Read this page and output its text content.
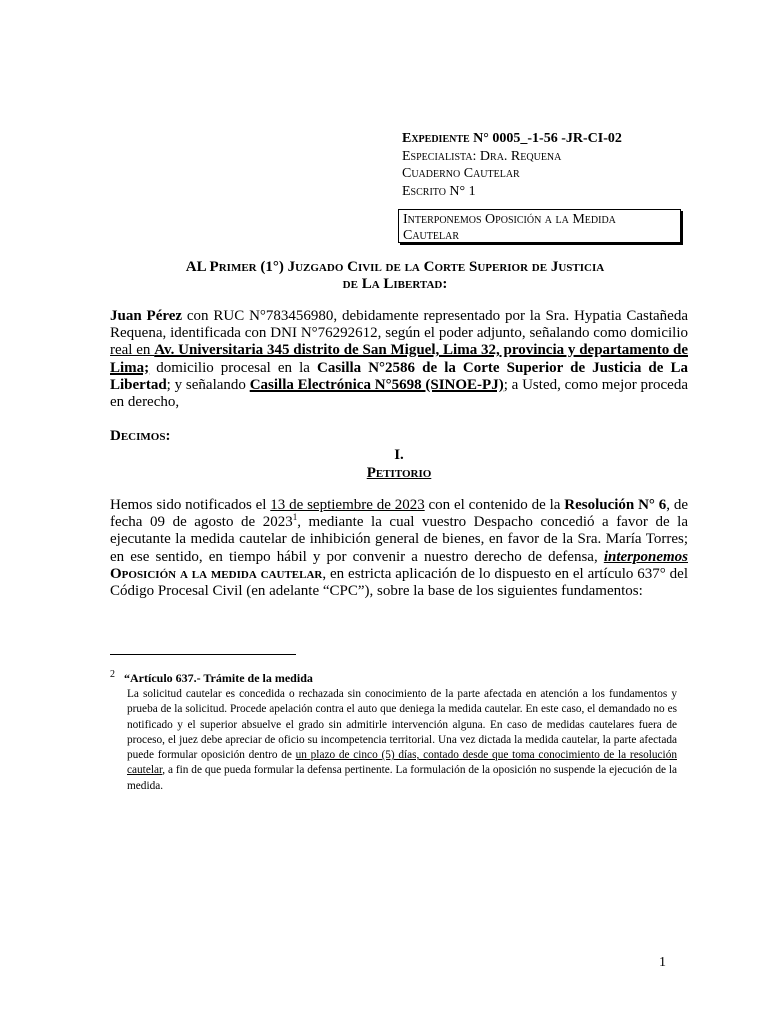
Expediente N° 0005_-1-56 -JR-CI-02
Especialista: Dra. Requena
Cuaderno Cautelar
Escrito N° 1
Interponemos Oposición a la Medida Cautelar
AL Primer (1°) Juzgado Civil de la Corte Superior de Justicia
de La Libertad:
Juan Pérez con RUC N°783456980, debidamente representado por la Sra. Hypatia Castañeda Requena, identificada con DNI N°76292612, según el poder adjunto, señalando como domicilio real en Av. Universitaria 345 distrito de San Miguel, Lima 32, provincia y departamento de Lima; domicilio procesal en la Casilla N°2586 de la Corte Superior de Justicia de La Libertad; y señalando Casilla Electrónica N°5698 (SINOE-PJ); a Usted, como mejor proceda en derecho,
Decimos:
I.
Petitorio
Hemos sido notificados el 13 de septiembre de 2023 con el contenido de la Resolución N° 6, de fecha 09 de agosto de 2023$^1$, mediante la cual vuestro Despacho concedió a favor de la ejecutante la medida cautelar de inhibición general de bienes, en favor de la Sra. María Torres; en ese sentido, en tiempo hábil y por convenir a nuestro derecho de defensa, interponemos Oposición a la medida cautelar, en estricta aplicación de lo dispuesto en el artículo 637° del Código Procesal Civil (en adelante “CPC”), sobre la base de los siguientes fundamentos:
2 “Artículo 637.- Trámite de la medida
La solicitud cautelar es concedida o rechazada sin conocimiento de la parte afectada en atención a los fundamentos y prueba de la solicitud. Procede apelación contra el auto que deniega la medida cautelar. En este caso, el demandado no es notificado y el superior absuelve el grado sin admitirle intervención alguna. En caso de medidas cautelares fuera de proceso, el juez debe apreciar de oficio su incompetencia territorial. Una vez dictada la medida cautelar, la parte afectada puede formular oposición dentro de un plazo de cinco (5) días, contado desde que toma conocimiento de la resolución cautelar, a fin de que pueda formular la defensa pertinente. La formulación de la oposición no suspende la ejecución de la medida.
1
